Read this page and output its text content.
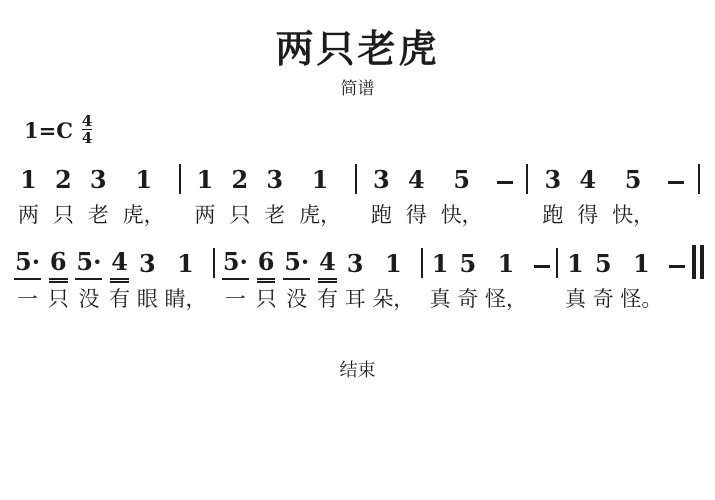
两只老虎
简谱
$1=C \frac{4}{4}$
1
两
2
只
3
老
1
虎，
1
两
2
只
3
老
1
虎，
3
跑
4
得
5
快，
3
跑
4
得
5
快，
5·
一
6
只
5·
没
4
有
3
眼
1
睛，
5·
一
6
只
5·
没
4
有
3
耳
1
朵，
1
真
5
奇
1
怪，
1
真
5
奇
1
怪。
结束
